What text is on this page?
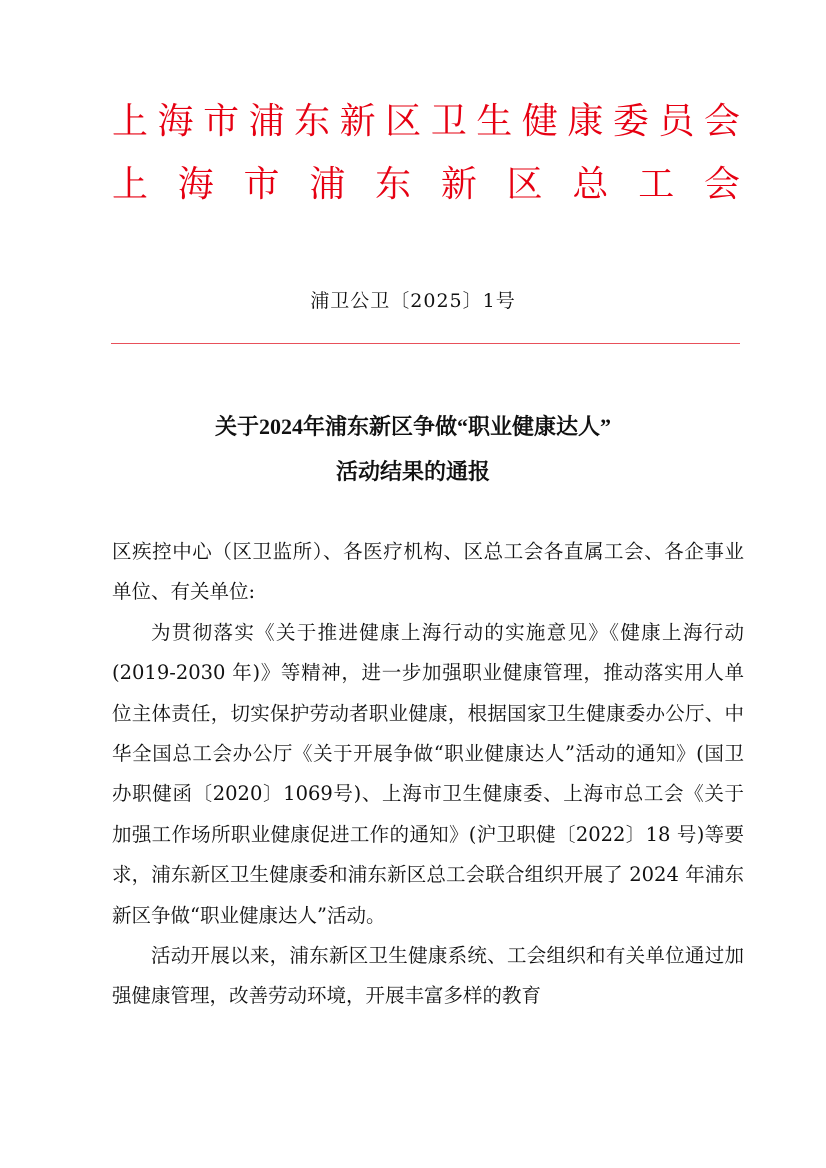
上海市浦东新区卫生健康委员会
上海市浦东新区总工会
浦卫公卫〔2025〕1号
关于2024年浦东新区争做“职业健康达人”
活动结果的通报

区疾控中心（区卫监所）、各医疗机构、区总工会各直属工会、各企事业单位、有关单位:

为贯彻落实《关于推进健康上海行动的实施意见》《健康上海行动(2019-2030 年)》等精神，进一步加强职业健康管理，推动落实用人单位主体责任，切实保护劳动者职业健康，根据国家卫生健康委办公厅、中华全国总工会办公厅《关于开展争做“职业健康达人”活动的通知》(国卫办职健函〔2020〕1069号)、上海市卫生健康委、上海市总工会《关于加强工作场所职业健康促进工作的通知》(沪卫职健〔2022〕18 号)等要求，浦东新区卫生健康委和浦东新区总工会联合组织开展了 2024 年浦东新区争做“职业健康达人”活动。

活动开展以来，浦东新区卫生健康系统、工会组织和有关单位通过加强健康管理，改善劳动环境，开展丰富多样的教育
